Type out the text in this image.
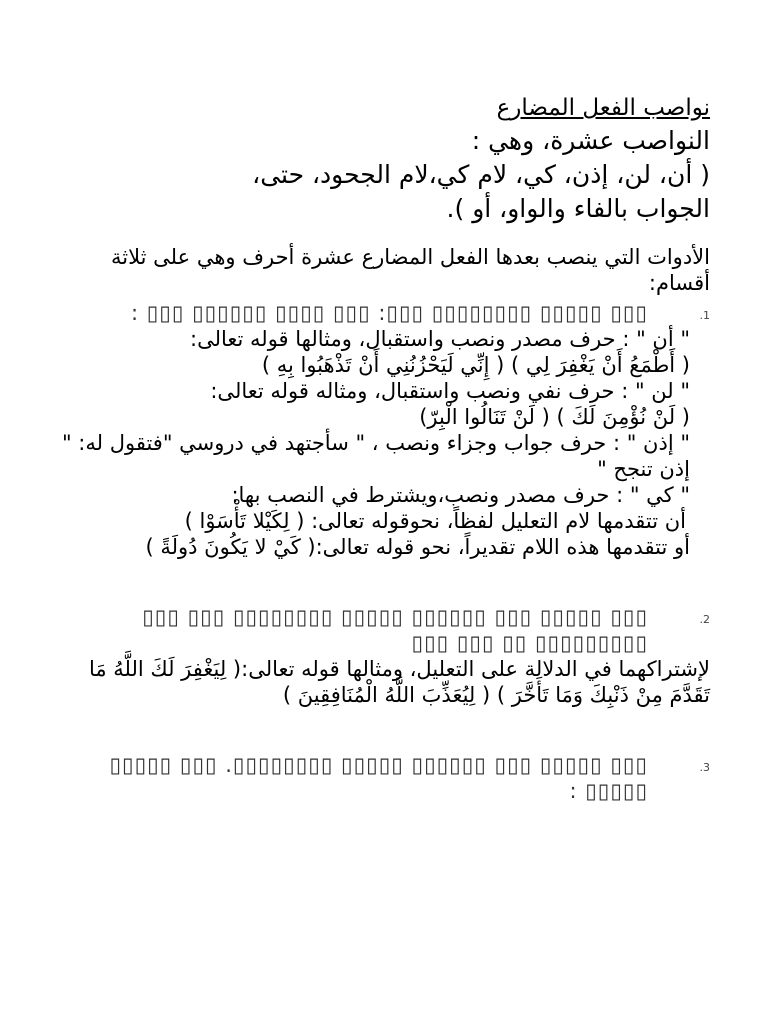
نواصب الفعل المضارع

النواصب عشرة، وهي :

( أن، لن، إذن، كي، لام كي،لام الجحود، حتى،

الجواب بالفاء والواو، أو ).

الأدوات التي ينصب بعدها الفعل المضارع عشرة أحرف وهي على ثلاثة أقسام:

1.
▯▯▯ ▯▯▯▯▯ ▯▯▯▯▯▯▯▯ ▯▯▯: ▯▯▯ ▯▯▯▯ ▯▯▯▯▯▯ ▯▯▯ :

" أن " : حرف مصدر ونصب واستقبال، ومثالها قوله تعالى:

( أَطْمَعُ أَنْ يَغْفِرَ لِي ) ( إِنِّي لَيَحْزُنُنِي أَنْ تَذْهَبُوا بِهِ )

" لن " : حرف نفي ونصب واستقبال، ومثاله قوله تعالى:

( لَنْ نُؤْمِنَ لَكَ ) ( لَنْ تَنَالُوا الْبِرّ)

" إذن " : حرف جواب وجزاء ونصب ، " سأجتهد في دروسي "فتقول له: " إذن تنجح "

" كي " : حرف مصدر ونصب،ويشترط في النصب بها:

أن تتقدمها لام التعليل لفظاً، نحوقوله تعالى: ( لِكَيْلا تَأْسَوْا )

أو تتقدمها هذه اللام تقديراً، نحو قوله تعالى:( كَيْ لا يَكُونَ دُولَةً )

2.
▯▯▯ ▯▯▯▯▯ ▯▯▯ ▯▯▯▯▯▯ ▯▯▯▯▯ ▯▯▯▯▯▯▯▯ ▯▯▯ ▯▯▯ ▯▯▯▯▯▯▯▯▯ ▯▯ ▯▯▯ ▯▯▯

لإشتراكهما في الدلالة على التعليل، ومثالها قوله تعالى:( لِيَغْفِرَ لَكَ اللَّهُ مَا تَقَدَّمَ مِنْ ذَنْبِكَ وَمَا تَأَخَّرَ ) ( لِيُعَذِّبَ اللَّهُ الْمُنَافِقِينَ )

3.
▯▯▯ ▯▯▯▯▯ ▯▯▯ ▯▯▯▯▯▯ ▯▯▯▯▯ ▯▯▯▯▯▯▯▯. ▯▯▯ ▯▯▯▯▯ ▯▯▯▯▯ :
